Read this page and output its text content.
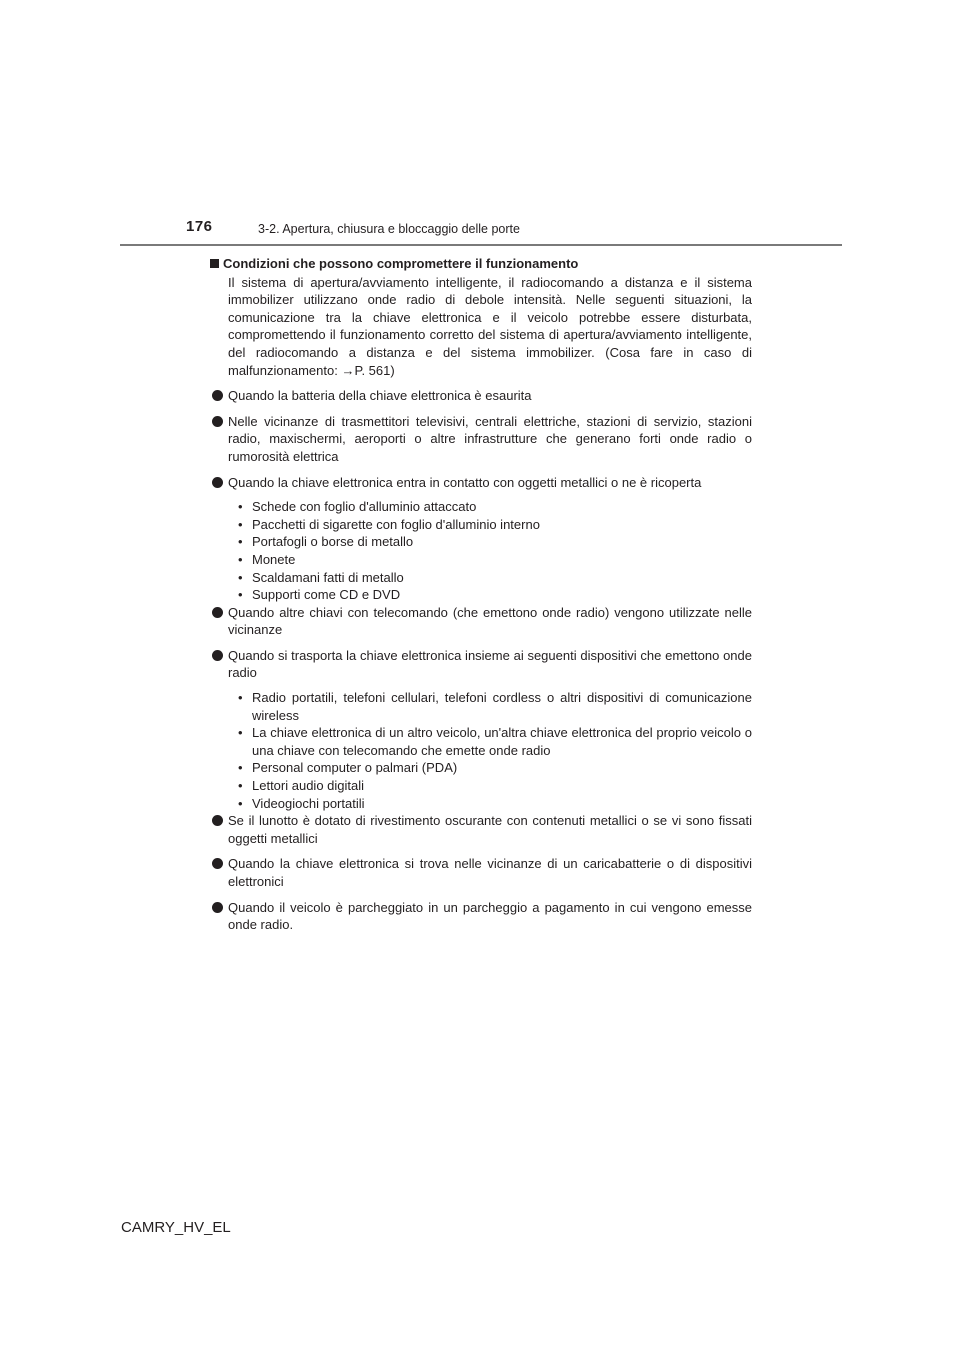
176	3-2. Apertura, chiusura e bloccaggio delle porte
Condizioni che possono compromettere il funzionamento
Il sistema di apertura/avviamento intelligente, il radiocomando a distanza e il sistema immobilizer utilizzano onde radio di debole intensità. Nelle seguenti situazioni, la comunicazione tra la chiave elettronica e il veicolo potrebbe essere disturbata, compromettendo il funzionamento corretto del sistema di apertura/avviamento intelligente, del radiocomando a distanza e del sistema immobilizer. (Cosa fare in caso di malfunzionamento: →P. 561)
Quando la batteria della chiave elettronica è esaurita
Nelle vicinanze di trasmettitori televisivi, centrali elettriche, stazioni di servizio, stazioni radio, maxischermi, aeroporti o altre infrastrutture che generano forti onde radio o rumorosità elettrica
Quando la chiave elettronica entra in contatto con oggetti metallici o ne è ricoperta
• Schede con foglio d'alluminio attaccato
• Pacchetti di sigarette con foglio d'alluminio interno
• Portafogli o borse di metallo
• Monete
• Scaldamani fatti di metallo
• Supporti come CD e DVD
Quando altre chiavi con telecomando (che emettono onde radio) vengono utilizzate nelle vicinanze
Quando si trasporta la chiave elettronica insieme ai seguenti dispositivi che emettono onde radio
• Radio portatili, telefoni cellulari, telefoni cordless o altri dispositivi di comunicazione wireless
• La chiave elettronica di un altro veicolo, un'altra chiave elettronica del proprio veicolo o una chiave con telecomando che emette onde radio
• Personal computer o palmari (PDA)
• Lettori audio digitali
• Videogiochi portatili
Se il lunotto è dotato di rivestimento oscurante con contenuti metallici o se vi sono fissati oggetti metallici
Quando la chiave elettronica si trova nelle vicinanze di un caricabatterie o di dispositivi elettronici
Quando il veicolo è parcheggiato in un parcheggio a pagamento in cui vengono emesse onde radio.
CAMRY_HV_EL
